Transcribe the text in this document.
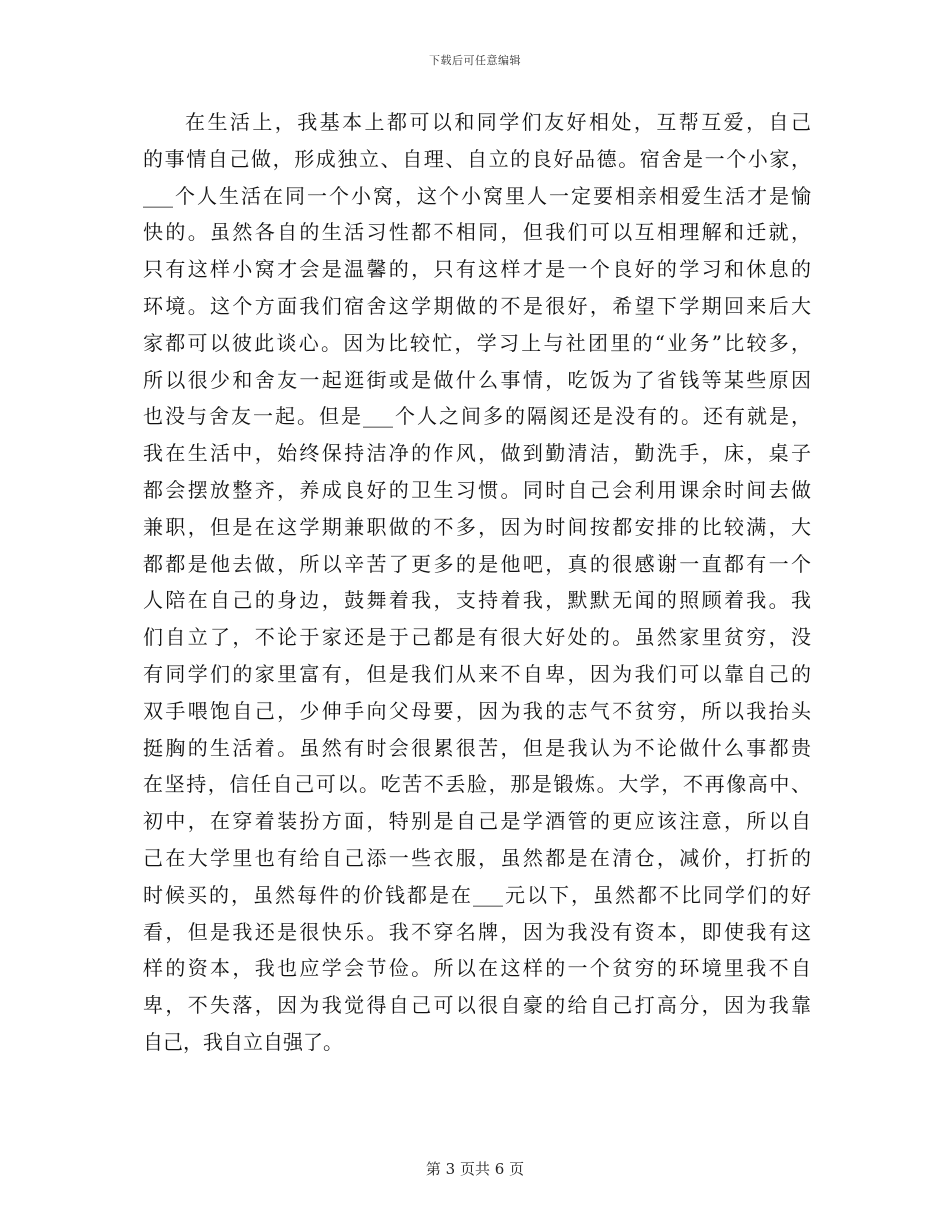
下载后可任意编辑
在生活上，我基本上都可以和同学们友好相处，互帮互爱，自己
的事情自己做，形成独立、自理、自立的良好品德。宿舍是一个小家，
___个人生活在同一个小窝，这个小窝里人一定要相亲相爱生活才是愉
快的。虽然各自的生活习性都不相同，但我们可以互相理解和迁就，
只有这样小窝才会是温馨的，只有这样才是一个良好的学习和休息的
环境。这个方面我们宿舍这学期做的不是很好，希望下学期回来后大
家都可以彼此谈心。因为比较忙，学习上与社团里的“业务”比较多，
所以很少和舍友一起逛街或是做什么事情，吃饭为了省钱等某些原因
也没与舍友一起。但是___个人之间多的隔阂还是没有的。还有就是，
我在生活中，始终保持洁净的作风，做到勤清洁，勤洗手，床，桌子
都会摆放整齐，养成良好的卫生习惯。同时自己会利用课余时间去做
兼职，但是在这学期兼职做的不多，因为时间按都安排的比较满，大
都都是他去做，所以辛苦了更多的是他吧，真的很感谢一直都有一个
人陪在自己的身边，鼓舞着我，支持着我，默默无闻的照顾着我。我
们自立了，不论于家还是于己都是有很大好处的。虽然家里贫穷，没
有同学们的家里富有，但是我们从来不自卑，因为我们可以靠自己的
双手喂饱自己，少伸手向父母要，因为我的志气不贫穷，所以我抬头
挺胸的生活着。虽然有时会很累很苦，但是我认为不论做什么事都贵
在坚持，信任自己可以。吃苦不丢脸，那是锻炼。大学，不再像高中、
初中，在穿着装扮方面，特别是自己是学酒管的更应该注意，所以自
己在大学里也有给自己添一些衣服，虽然都是在清仓，减价，打折的
时候买的，虽然每件的价钱都是在___元以下，虽然都不比同学们的好
看，但是我还是很快乐。我不穿名牌，因为我没有资本，即使我有这
样的资本，我也应学会节俭。所以在这样的一个贫穷的环境里我不自
卑，不失落，因为我觉得自己可以很自豪的给自己打高分，因为我靠
自己，我自立自强了。
第 3 页共 6 页
